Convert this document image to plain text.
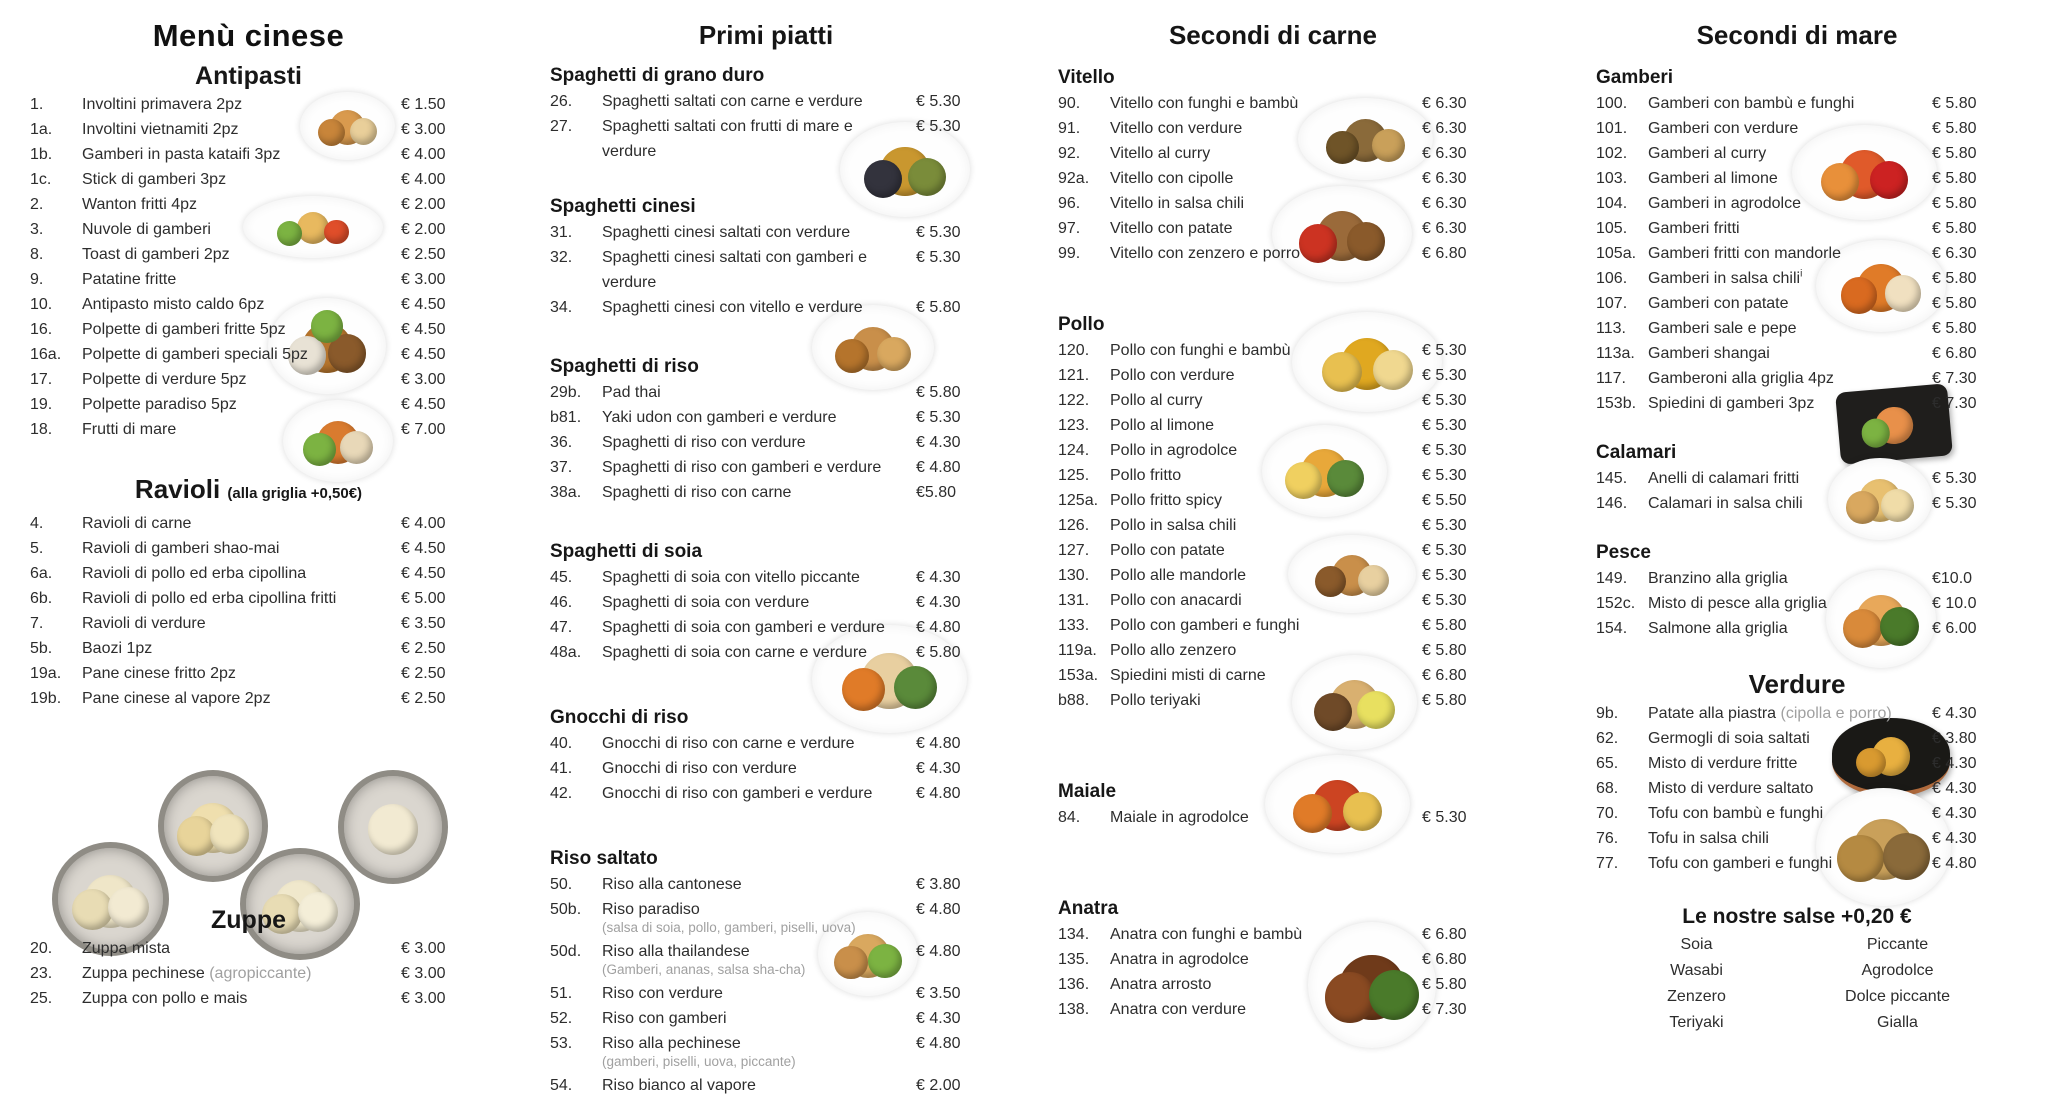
Menù cinese
Antipasti
1.	Involtini primavera 2pz	€ 1.50
1a.	Involtini vietnamiti 2pz	€ 3.00
1b.	Gamberi in pasta kataifi 3pz	€ 4.00
1c.	Stick di gamberi 3pz	€ 4.00
2.	Wanton fritti 4pz	€ 2.00
3.	Nuvole di gamberi	€ 2.00
8.	Toast di gamberi 2pz	€ 2.50
9.	Patatine fritte	€ 3.00
10.	Antipasto misto caldo 6pz	€ 4.50
16.	Polpette di gamberi fritte 5pz	€ 4.50
16a.	Polpette di gamberi speciali 5pz	€ 4.50
17.	Polpette di verdure 5pz	€ 3.00
19.	Polpette paradiso 5pz	€ 4.50
18.	Frutti di mare	€ 7.00
Ravioli (alla griglia +0,50€)
4.	Ravioli di carne	€ 4.00
5.	Ravioli di gamberi shao-mai	€ 4.50
6a.	Ravioli di pollo ed erba cipollina	€ 4.50
6b.	Ravioli di pollo ed erba cipollina fritti	€ 5.00
7.	Ravioli di verdure	€ 3.50
5b.	Baozi 1pz	€ 2.50
19a.	Pane cinese fritto 2pz	€ 2.50
19b.	Pane cinese al vapore 2pz	€ 2.50
Zuppe
20.	Zuppa mista	€ 3.00
23.	Zuppa pechinese (agropiccante)	€ 3.00
25.	Zuppa con pollo e mais	€ 3.00
Primi piatti
Spaghetti di grano duro
26.	Spaghetti saltati con carne e verdure	€ 5.30
27.	Spaghetti saltati con frutti di mare e verdure
€ 5.30
Spaghetti cinesi
31.	Spaghetti cinesi saltati con verdure	€ 5.30
32.	Spaghetti cinesi saltati con gamberi e verdure
€ 5.30
34.	Spaghetti cinesi con vitello e verdure	€ 5.80
Spaghetti di riso
29b.	Pad thai	€ 5.80
b81.	Yaki udon con gamberi e verdure	€ 5.30
36.	Spaghetti di riso con verdure	€ 4.30
37.	Spaghetti di riso con gamberi e verdure	€ 4.80
38a.	Spaghetti di riso con carne	€5.80
Spaghetti di soia
45.	Spaghetti di soia con vitello piccante	€ 4.30
46.	Spaghetti di soia con verdure	€ 4.30
47.	Spaghetti di soia con gamberi e verdure	€ 4.80
48a.	Spaghetti di soia con carne e verdure	€ 5.80
Gnocchi di riso
40.	Gnocchi di riso con carne e verdure	€ 4.80
41.	Gnocchi di riso con verdure	€ 4.30
42.	Gnocchi di riso con gamberi e verdure	€ 4.80
Riso saltato
50.	Riso alla cantonese	€ 3.80
50b.	Riso paradiso	€ 4.80
(salsa di soia, pollo, gamberi, piselli, uova)
50d.	Riso alla thailandese	€ 4.80
(Gamberi, ananas, salsa sha-cha)
51.	Riso con verdure	€ 3.50
52.	Riso con gamberi	€ 4.30
53.	Riso alla pechinese	€ 4.80
(gamberi, piselli, uova, piccante)
54.	Riso bianco al vapore	€ 2.00
Secondi di carne
Vitello
90.	Vitello con funghi e bambù	€ 6.30
91.	Vitello con verdure	€ 6.30
92.	Vitello al curry	€ 6.30
92a.	Vitello con cipolle	€ 6.30
96.	Vitello in salsa chili	€ 6.30
97.	Vitello con patate	€ 6.30
99.	Vitello con zenzero e porro	€ 6.80
Pollo
120.	Pollo con funghi e bambù	€ 5.30
121.	Pollo con verdure	€ 5.30
122.	Pollo al curry	€ 5.30
123.	Pollo al limone	€ 5.30
124.	Pollo in agrodolce	€ 5.30
125.	Pollo fritto	€ 5.30
125a. Pollo fritto spicy	€ 5.50
126.	Pollo in salsa chili	€ 5.30
127.	Pollo con patate	€ 5.30
130.	Pollo alle mandorle	€ 5.30
131.	Pollo con anacardi	€ 5.30
133.	Pollo con gamberi e funghi	€ 5.80
119a. Pollo allo zenzero	€ 5.80
153a. Spiedini misti di carne	€ 6.80
b88.	Pollo teriyaki	€ 5.80
Maiale
84.	Maiale in agrodolce	€ 5.30
Anatra
134.	Anatra con funghi e bambù	€ 6.80
135.	Anatra in agrodolce	€ 6.80
136.	Anatra arrosto	€ 5.80
138.	Anatra con verdure	€ 7.30
Secondi di mare
Gamberi
100.	Gamberi con bambù e funghi	€ 5.80
101.	Gamberi con verdure	€ 5.80
102.	Gamberi al curry	€ 5.80
103.	Gamberi al limone	€ 5.80
104.	Gamberi in agrodolce	€ 5.80
105.	Gamberi fritti	€ 5.80
105a. Gamberi fritti con mandorle	€ 6.30
106.	Gamberi in salsa chili$^i$	€ 5.80
107.	Gamberi con patate	€ 5.80
113.	Gamberi sale e pepe	€ 5.80
113a. Gamberi shangai	€ 6.80
117.	Gamberoni alla griglia 4pz	€ 7.30
153b. Spiedini di gamberi 3pz	€ 7.30
Calamari
145.	Anelli di calamari fritti	€ 5.30
146.	Calamari in salsa chili	€ 5.30
Pesce
149.	Branzino alla griglia	€10.0
152c. Misto di pesce alla griglia	€ 10.0
154.	Salmone alla griglia	€ 6.00
Verdure
9b.	Patate alla piastra (cipolla e porro)	€ 4.30
62.	Germogli di soia saltati	€ 3.80
65.	Misto di verdure fritte	€ 4.30
68.	Misto di verdure saltato	€ 4.30
70.	Tofu con bambù e funghi	€ 4.30
76.	Tofu in salsa chili	€ 4.30
77.	Tofu con gamberi e funghi	€ 4.80
Le nostre salse +0,20 €
Soia	Piccante
Wasabi	Agrodolce
Zenzero	Dolce piccante
Teriyaki	Gialla
